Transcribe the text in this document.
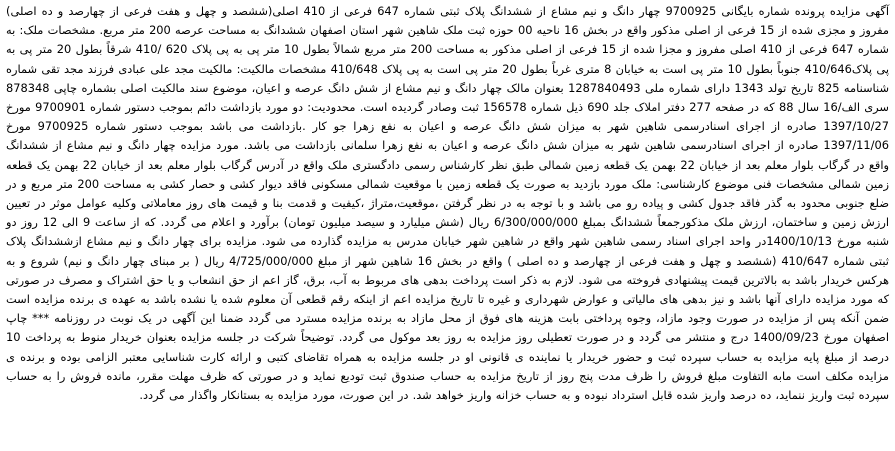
آگهی مزایده پرونده شماره بایگانی 9700925 چهار دانگ و نیم مشاع از ششدانگ پلاک ثبتی شماره 647 فرعی از 410 اصلی(ششصد و چهل و هفت فرعی از چهارصد و ده اصلی) مفروز و مجزی شده از 15 فرعی از اصلی مذکور واقع در بخش 16 ناحیه 00 حوزه ثبت ملک شاهین شهر استان اصفهان ششدانگ به مساحت عرصه 200 متر مربع. مشخصات ملک: به شماره 647 فرعی از 410 اصلی مفروز و مجزا شده از 15 فرعی از اصلی مذکور به مساحت 200 متر مربع شمالاً بطول 10 متر پی به پی پلاک 620 /410 شرقاً بطول 20 متر پی به پی پلاک410/646 جنوباً بطول 10 متر پی است به خیابان 8 متری غرباً بطول 20 متر پی است به پی پلاک 410/648 مشخصات مالکیت: مالکیت مجد علی عبادی فرزند مجد تقی شماره شناسنامه 825 تاریخ تولد 1343 دارای شماره ملی 1287840493 بعنوان مالک چهار دانگ و نیم مشاع از شش دانگ عرصه و اعیان، موضوع سند مالکیت اصلی بشماره چاپی 878348 سری الف/16 سال 88 که در صفحه 277 دفتر املاک جلد 690 ذیل شماره 156578 ثبت وصادر گردیده است. محدودیت: دو مورد بازداشت دائم بموجب دستور شماره 9700901 مورخ 1397/10/27 صادره از اجرای اسنادرسمی شاهین شهر به میزان شش دانگ عرصه و اعیان به نفع زهرا جو کار .بازداشت می باشد بموجب دستور شماره 9700925 مورخ 1397/11/06 صادره از اجرای اسنادرسمی شاهین شهر به میزان شش دانگ عرصه و اعیان به نفع زهرا سلمانی بازداشت می باشد. مورد مزایده چهار دانگ و نیم مشاع از ششدانگ واقع در گرگاب بلوار معلم بعد از خیابان 22 بهمن یک قطعه زمین شمالی طبق نظر کارشناس رسمی دادگستری ملک واقع در آدرس گرگاب بلوار معلم بعد از خیابان 22 بهمن یک قطعه زمین شمالی مشخصات فنی موضوع کارشناسی: ملک مورد بازدید به صورت یک قطعه زمین با موقعیت شمالی مسکونی فاقد دیوار کشی و حصار کشی به مساحت 200 متر مربع و در ضلع جنوبی محدود به گذر فاقد جدول کشی و پیاده رو می باشد و با توجه به در نظر گرفتن ،موقعیت،متراژ ،کیفیت و قدمت بنا و قیمت های روز معاملاتی وکلیه عوامل موثر در تعیین ارزش زمین و ساختمان، ارزش ملک مذکورجمعاً ششدانگ بمبلغ 6/300/000/000 ریال (شش میلیارد و سیصد میلیون تومان) برآورد و اعلام می گردد. که از ساعت 9 الی 12 روز دو شنبه مورخ 1400/10/13در واحد اجرای اسناد رسمی شاهین شهر واقع در شاهین شهر خیابان مدرس به مزایده گذارده می شود. مزایده برای چهار دانگ و نیم مشاع ازششدانگ پلاک ثبتی شماره 410/647 (ششصد و چهل و هفت فرعی از چهارصد و ده اصلی ) واقع در بخش 16 شاهین شهر از مبلغ 4/725/000/000 ریال ( بر مبنای چهار دانگ و نیم) شروع و به هرکس خریدار باشد به بالاترین قیمت پیشنهادی فروخته می شود. لازم به ذکر است پرداخت بدهی های مربوط به آب، برق، گاز اعم از حق انشعاب و یا حق اشتراک و مصرف در صورتی که مورد مزایده دارای آنها باشد و نیز بدهی های مالیاتی و عوارض شهرداری و غیره تا تاریخ مزایده اعم از اینکه رقم قطعی آن معلوم شده یا نشده باشد به عهده ی برنده مزایده است ضمن آنکه پس از مزایده در صورت وجود مازاد، وجوه پرداختی بابت هزینه های فوق از محل مازاد به برنده مزایده مسترد می گردد ضمنا این آگهی در یک نوبت در روزنامه *** چاپ اصفهان مورخ 1400/09/23 درج و منتشر می گردد و در صورت تعطیلی روز مزایده به روز بعد موکول می گردد. توضیحاً شرکت در جلسه مزایده بعنوان خریدار منوط به پرداخت 10 درصد از مبلغ پایه مزایده به حساب سپرده ثبت و حضور خریدار یا نماینده ی قانونی او در جلسه مزایده به همراه تقاضای کتبی و ارائه کارت شناسایی معتبر الزامی بوده و برنده ی مزایده مکلف است مابه التفاوت مبلغ فروش را ظرف مدت پنج روز از تاریخ مزایده به حساب صندوق ثبت توديع نماید و در صورتی که ظرف مهلت مقرر، مانده فروش را به حساب سپرده ثبت واریز ننماید، ده درصد واریز شده قابل استرداد نبوده و به حساب خزانه واریز خواهد شد. در این صورت، مورد مزایده به بستانکار واگذار می گردد.
